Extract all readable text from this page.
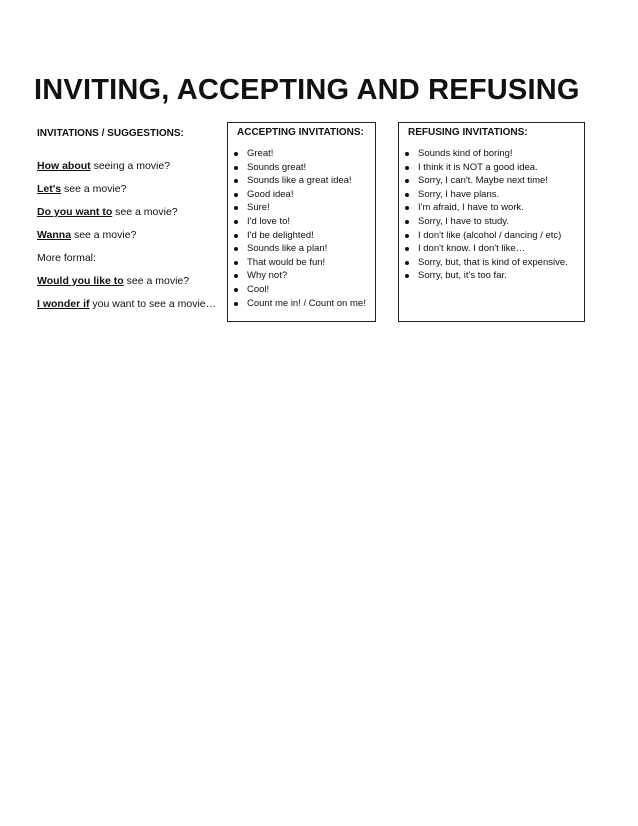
INVITING, ACCEPTING AND REFUSING
INVITATIONS / SUGGESTIONS:

How about seeing a movie?

Let's see a movie?

Do you want to see a movie?

Wanna see a movie?

More formal:

Would you like to see a movie?

I wonder if you want to see a movie…

ACCEPTING INVITATIONS:
Great!
Sounds great!
Sounds like a great idea!
Good idea!
Sure!
I'd love to!
I'd be delighted!
Sounds like a plan!
That would be fun!
Why not?
Cool!
Count me in! / Count on me!
REFUSING INVITATIONS:
Sounds kind of boring!
I think it is NOT a good idea.
Sorry, I can't. Maybe next time!
Sorry, I have plans.
I'm afraid, I have to work.
Sorry, I have to study.
I don't like (alcohol / dancing / etc)
I don't know. I don't like…
Sorry, but, that is kind of expensive.
Sorry, but, it's too far.
